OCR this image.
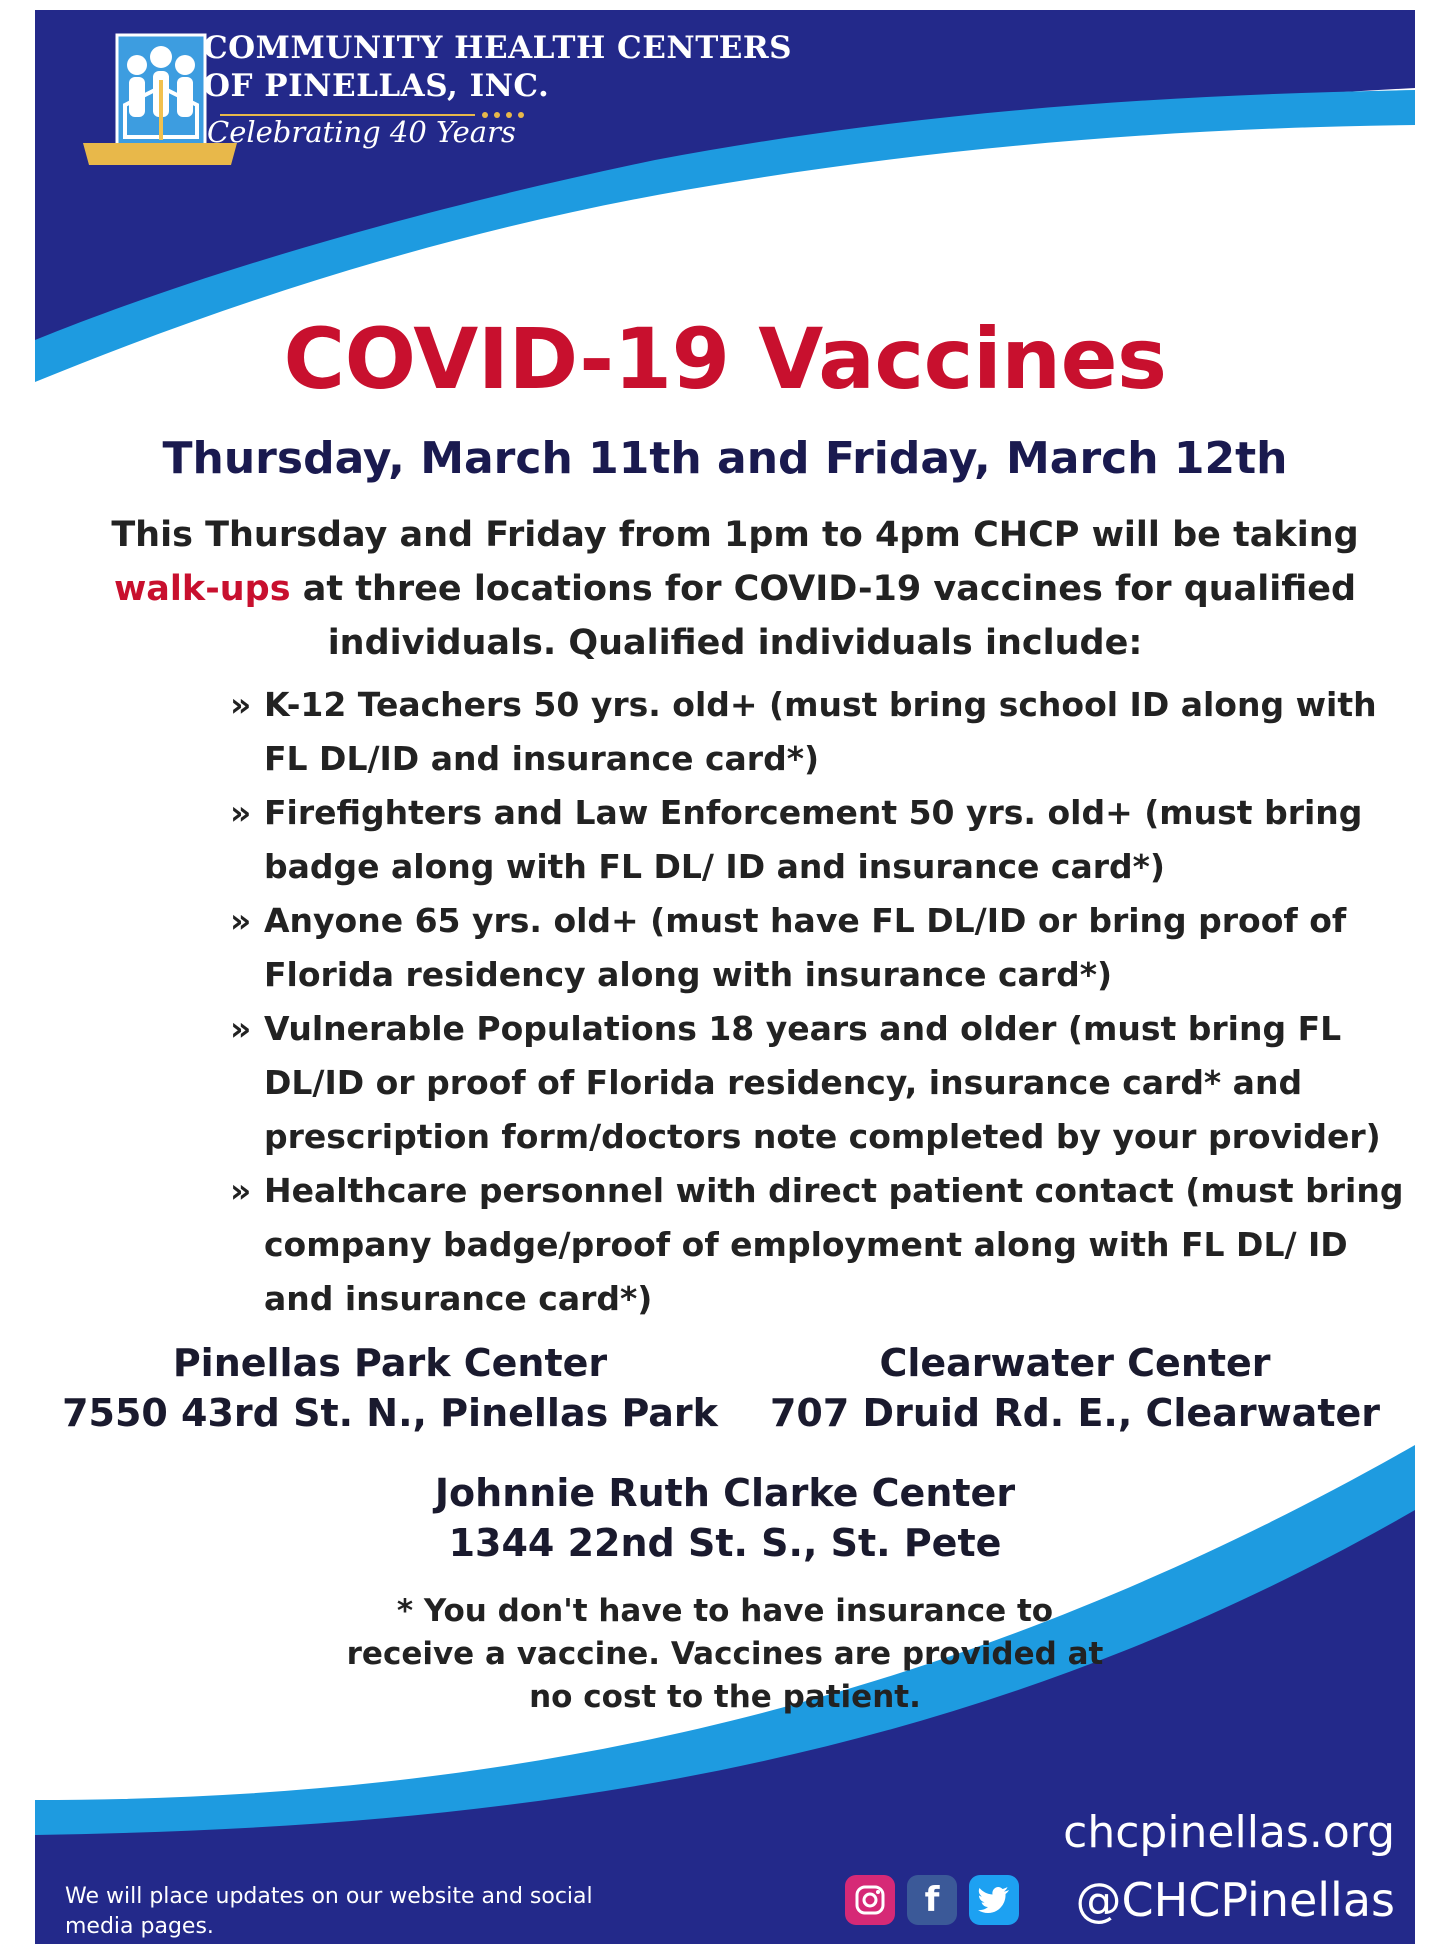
COMMUNITY HEALTH CENTERS
OF PINELLAS, INC.
Celebrating 40 Years
COVID-19 Vaccines
Thursday, March 11th and Friday, March 12th
This Thursday and Friday from 1pm to 4pm CHCP will be taking
walk-ups at three locations for COVID-19 vaccines for qualified individuals. Qualified individuals include:
» K-12 Teachers 50 yrs. old+ (must bring school ID along with FL DL/ID and insurance card*)
» Firefighters and Law Enforcement 50 yrs. old+ (must bring badge along with FL DL/ ID and insurance card*)
» Anyone 65 yrs. old+ (must have FL DL/ID or bring proof of Florida residency along with insurance card*)
» Vulnerable Populations 18 years and older (must bring FL DL/ID or proof of Florida residency, insurance card* and prescription form/doctors note completed by your provider)
» Healthcare personnel with direct patient contact (must bring company badge/proof of employment along with FL DL/ ID and insurance card*)
Pinellas Park Center
7550 43rd St. N., Pinellas Park
Clearwater Center
707 Druid Rd. E., Clearwater
Johnnie Ruth Clarke Center
1344 22nd St. S., St. Pete
* You don't have to have insurance to receive a vaccine. Vaccines are provided at no cost to the patient.
chcpinellas.org
We will place updates on our website and social media pages.
f	@CHCPinellas
